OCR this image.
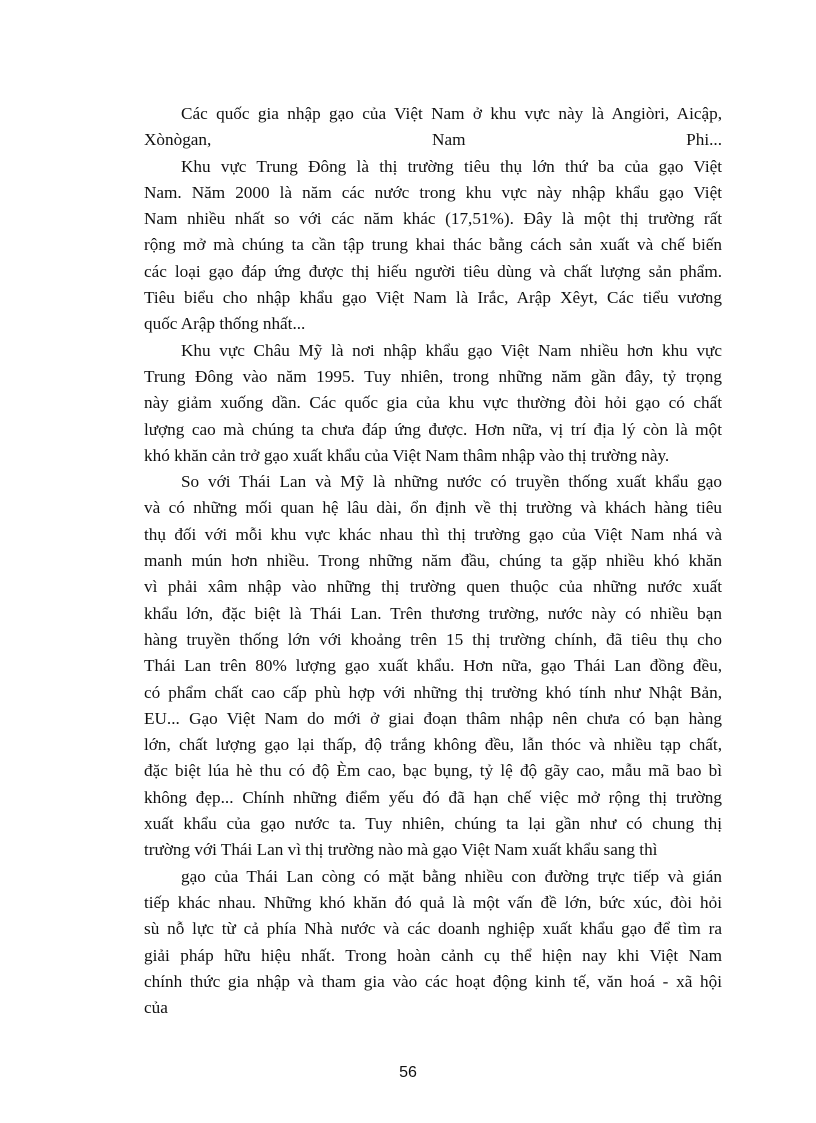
Các quốc gia nhập gạo của Việt Nam ở khu vực này là Angiòri, Aicập,
Xònògan, Nam Phi...

Khu vực Trung Đông là thị trường tiêu thụ lớn thứ ba của gạo Việt
Nam. Năm 2000 là năm các nước trong khu vực này nhập khẩu gạo Việt
Nam nhiều nhất so với các năm khác (17,51%). Đây là một thị trường rất
rộng mở mà chúng ta cần tập trung khai thác bằng cách sản xuất và chế biến
các loại gạo đáp ứng được thị hiếu người tiêu dùng và chất lượng sản phẩm.
Tiêu biểu cho nhập khẩu gạo Việt Nam là Irắc, Arập Xêyt, Các tiểu vương
quốc Arập thống nhất...

Khu vực Châu Mỹ là nơi nhập khẩu gạo Việt Nam nhiều hơn khu vực
Trung Đông vào năm 1995. Tuy nhiên, trong những năm gần đây, tỷ trọng
này giảm xuống dần. Các quốc gia của khu vực thường đòi hỏi gạo có chất
lượng cao mà chúng ta chưa đáp ứng được. Hơn nữa, vị trí địa lý còn là một
khó khăn cản trở gạo xuất khẩu của Việt Nam thâm nhập vào thị trường này.

So với Thái Lan và Mỹ là những nước có truyền thống xuất khẩu gạo
và có những mối quan hệ lâu dài, ổn định về thị trường và khách hàng tiêu
thụ đối với mỗi khu vực khác nhau thì thị trường gạo của Việt Nam nhá và
manh mún hơn nhiều. Trong những năm đầu, chúng ta gặp nhiều khó khăn
vì phải xâm nhập vào những thị trường quen thuộc của những nước xuất
khẩu lớn, đặc biệt là Thái Lan. Trên thương trường, nước này có nhiều bạn
hàng truyền thống lớn với khoảng trên 15 thị trường chính, đã tiêu thụ cho
Thái Lan trên 80% lượng gạo xuất khẩu. Hơn nữa, gạo Thái Lan đồng đều,
có phẩm chất cao cấp phù hợp với những thị trường khó tính như Nhật Bản,
EU... Gạo Việt Nam do mới ở giai đoạn thâm nhập nên chưa có bạn hàng
lớn, chất lượng gạo lại thấp, độ trắng không đều, lẫn thóc và nhiều tạp chất,
đặc biệt lúa hè thu có độ Èm cao, bạc bụng, tỷ lệ độ gãy cao, mẫu mã bao bì
không đẹp... Chính những điểm yếu đó đã hạn chế việc mở rộng thị trường
xuất khẩu của gạo nước ta. Tuy nhiên, chúng ta lại gần như có chung thị
trường với Thái Lan vì thị trường nào mà gạo Việt Nam xuất khẩu sang thì

gạo của Thái Lan còng có mặt bằng nhiều con đường trực tiếp và gián
tiếp khác nhau. Những khó khăn đó quả là một vấn đề lớn, bức xúc, đòi hỏi
sù nỗ lực từ cả phía Nhà nước và các doanh nghiệp xuất khẩu gạo để tìm ra
giải pháp hữu hiệu nhất. Trong hoàn cảnh cụ thể hiện nay khi Việt Nam
chính thức gia nhập và tham gia vào các hoạt động kinh tế, văn hoá - xã hội
của

56
